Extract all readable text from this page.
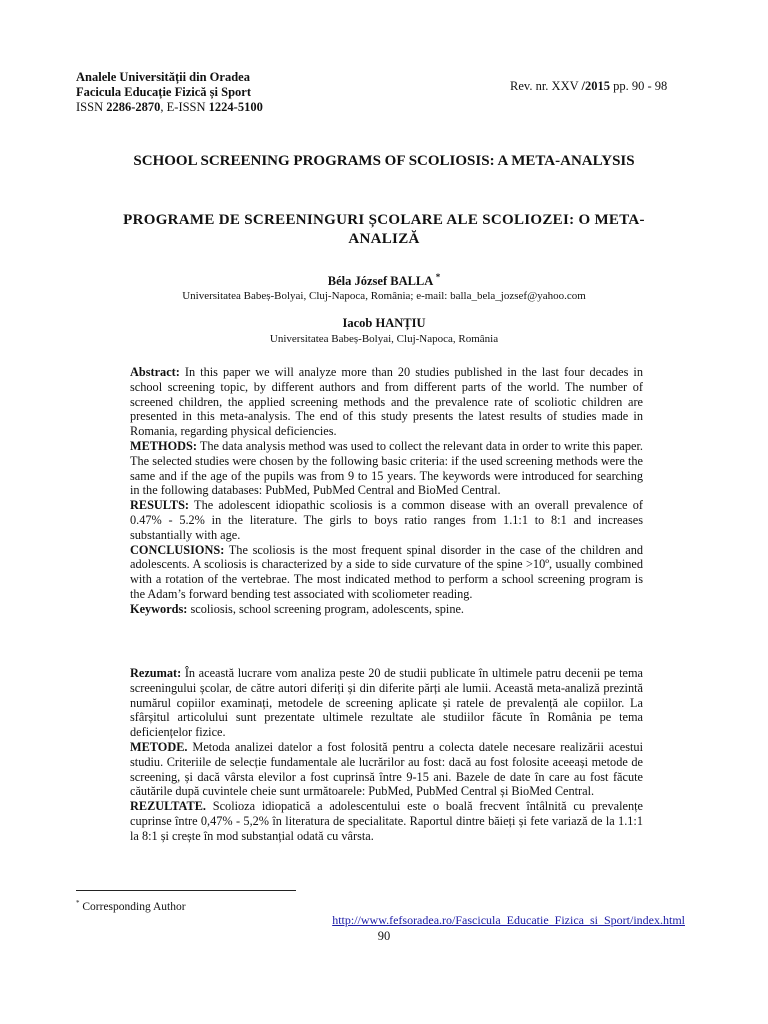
Analele Universității din Oradea
Facicula Educație Fizică și Sport
ISSN 2286-2870, E-ISSN 1224-5100
Rev. nr. XXV /2015 pp. 90 - 98
SCHOOL SCREENING PROGRAMS OF SCOLIOSIS: A META-ANALYSIS
PROGRAME DE SCREENINGURI ȘCOLARE ALE SCOLIOZEI: O META-ANALIZĂ
Béla József BALLA *
Universitatea Babeș-Bolyai, Cluj-Napoca, România; e-mail: balla_bela_jozsef@yahoo.com
Iacob HANȚIU
Universitatea Babeș-Bolyai, Cluj-Napoca, România

Abstract: In this paper we will analyze more than 20 studies published in the last four decades in school screening topic, by different authors and from different parts of the world. The number of screened children, the applied screening methods and the prevalence rate of scoliotic children are presented in this meta-analysis. The end of this study presents the latest results of studies made in Romania, regarding physical deficiencies.

METHODS: The data analysis method was used to collect the relevant data in order to write this paper. The selected studies were chosen by the following basic criteria: if the used screening methods were the same and if the age of the pupils was from 9 to 15 years. The keywords were introduced for searching in the following databases: PubMed, PubMed Central and BioMed Central.

RESULTS: The adolescent idiopathic scoliosis is a common disease with an overall prevalence of 0.47% - 5.2% in the literature. The girls to boys ratio ranges from 1.1:1 to 8:1 and increases substantially with age.

CONCLUSIONS: The scoliosis is the most frequent spinal disorder in the case of the children and adolescents. A scoliosis is characterized by a side to side curvature of the spine >10º, usually combined with a rotation of the vertebrae. The most indicated method to perform a school screening program is the Adam’s forward bending test associated with scoliometer reading.

Keywords: scoliosis, school screening program, adolescents, spine.

Rezumat: În această lucrare vom analiza peste 20 de studii publicate în ultimele patru decenii pe tema screeningului școlar, de către autori diferiți și din diferite părți ale lumii. Această meta-analiză prezintă numărul copiilor examinați, metodele de screening aplicate și ratele de prevalență ale copiilor. La sfârșitul articolului sunt prezentate ultimele rezultate ale studiilor făcute în România pe tema deficiențelor fizice.

METODE. Metoda analizei datelor a fost folosită pentru a colecta datele necesare realizării acestui studiu. Criteriile de selecție fundamentale ale lucrărilor au fost: dacă au fost folosite aceeași metode de screening, și dacă vârsta elevilor a fost cuprinsă între 9-15 ani. Bazele de date în care au fost făcute căutările după cuvintele cheie sunt următoarele: PubMed, PubMed Central și BioMed Central.

REZULTATE. Scolioza idiopatică a adolescentului este o boală frecvent întâlnită cu prevalențe cuprinse între 0,47% - 5,2% în literatura de specialitate. Raportul dintre băieți și fete variază de la 1.1:1 la 8:1 și crește în mod substanțial odată cu vârsta.

* Corresponding Author
http://www.fefsoradea.ro/Fascicula_Educatie_Fizica_si_Sport/index.html
90
